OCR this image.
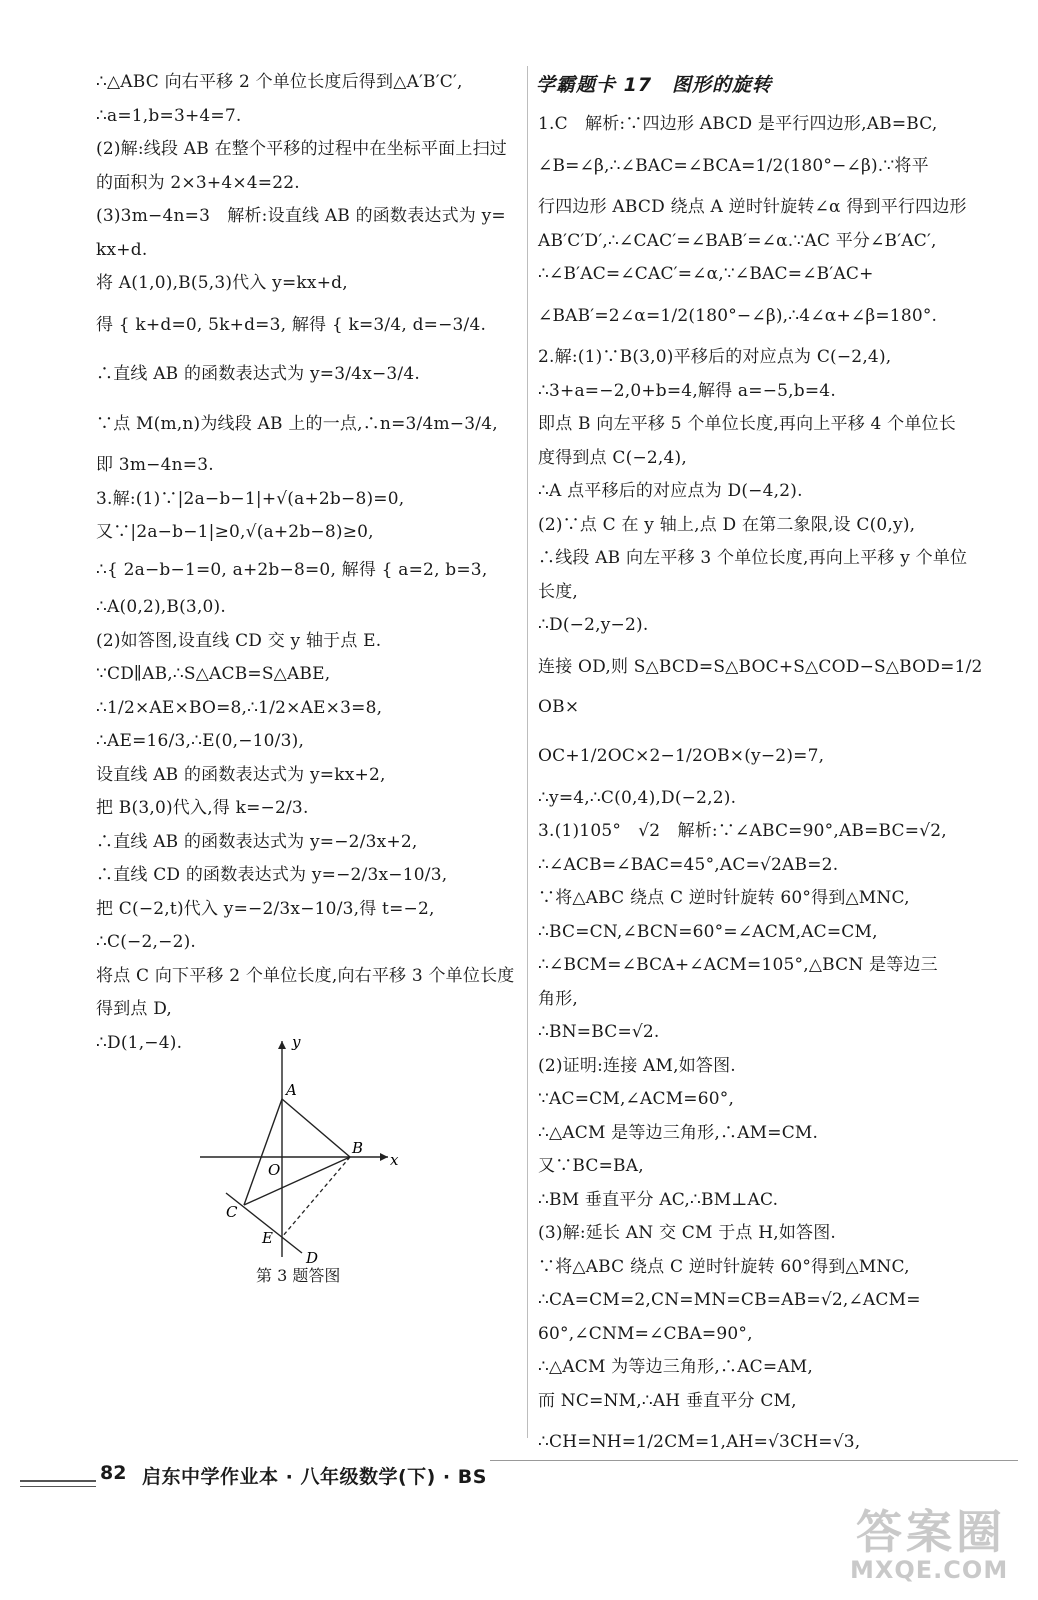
∴△ABC 向右平移 2 个单位长度后得到△A′B′C′,
∴a=1,b=3+4=7.
(2)解:线段 AB 在整个平移的过程中在坐标平面上扫过
的面积为 2×3+4×4=22.
(3)3m−4n=3　解析:设直线 AB 的函数表达式为 y=
kx+d.
将 A(1,0),B(5,3)代入 y=kx+d,
得 { k+d=0, 5k+d=3, 解得 { k=3/4, d=−3/4.
∴直线 AB 的函数表达式为 y=3/4x−3/4.
∵点 M(m,n)为线段 AB 上的一点,∴n=3/4m−3/4,
即 3m−4n=3.
3.解:(1)∵|2a−b−1|+√(a+2b−8)=0,
又∵|2a−b−1|≥0,√(a+2b−8)≥0,
∴{ 2a−b−1=0, a+2b−8=0, 解得 { a=2, b=3,
∴A(0,2),B(3,0).
(2)如答图,设直线 CD 交 y 轴于点 E.
∵CD∥AB,∴S△ACB=S△ABE,
∴1/2×AE×BO=8,∴1/2×AE×3=8,
∴AE=16/3,∴E(0,−10/3),
设直线 AB 的函数表达式为 y=kx+2,
把 B(3,0)代入,得 k=−2/3.
∴直线 AB 的函数表达式为 y=−2/3x+2,
∴直线 CD 的函数表达式为 y=−2/3x−10/3,
把 C(−2,t)代入 y=−2/3x−10/3,得 t=−2,
∴C(−2,−2).
将点 C 向下平移 2 个单位长度,向右平移 3 个单位长度
得到点 D,
∴D(1,−4).	y
x
A
O
B
C
E
D
第 3 题答图
学霸题卡 17　图形的旋转
1.C　解析:∵四边形 ABCD 是平行四边形,AB=BC,
∠B=∠β,∴∠BAC=∠BCA=1/2(180°−∠β).∵将平
行四边形 ABCD 绕点 A 逆时针旋转∠α 得到平行四边形
AB′C′D′,∴∠CAC′=∠BAB′=∠α.∵AC 平分∠B′AC′,
∴∠B′AC=∠CAC′=∠α,∵∠BAC=∠B′AC+
∠BAB′=2∠α=1/2(180°−∠β),∴4∠α+∠β=180°.
2.解:(1)∵B(3,0)平移后的对应点为 C(−2,4),
∴3+a=−2,0+b=4,解得 a=−5,b=4.
即点 B 向左平移 5 个单位长度,再向上平移 4 个单位长
度得到点 C(−2,4),
∴A 点平移后的对应点为 D(−4,2).
(2)∵点 C 在 y 轴上,点 D 在第二象限,设 C(0,y),
∴线段 AB 向左平移 3 个单位长度,再向上平移 y 个单位
长度,
∴D(−2,y−2).
连接 OD,则 S△BCD=S△BOC+S△COD−S△BOD=1/2OB×
OC+1/2OC×2−1/2OB×(y−2)=7,
∴y=4,∴C(0,4),D(−2,2).
3.(1)105°　√2　解析:∵∠ABC=90°,AB=BC=√2,
∴∠ACB=∠BAC=45°,AC=√2AB=2.
∵将△ABC 绕点 C 逆时针旋转 60°得到△MNC,
∴BC=CN,∠BCN=60°=∠ACM,AC=CM,
∴∠BCM=∠BCA+∠ACM=105°,△BCN 是等边三
角形,
∴BN=BC=√2.
(2)证明:连接 AM,如答图.
∵AC=CM,∠ACM=60°,
∴△ACM 是等边三角形,∴AM=CM.
又∵BC=BA,
∴BM 垂直平分 AC,∴BM⊥AC.
(3)解:延长 AN 交 CM 于点 H,如答图.
∵将△ABC 绕点 C 逆时针旋转 60°得到△MNC,
∴CA=CM=2,CN=MN=CB=AB=√2,∠ACM=
60°,∠CNM=∠CBA=90°,
∴△ACM 为等边三角形,∴AC=AM,
而 NC=NM,∴AH 垂直平分 CM,
∴CH=NH=1/2CM=1,AH=√3CH=√3,
82 启东中学作业本 · 八年级数学(下) · BS
答案圈
MXQE.COM
